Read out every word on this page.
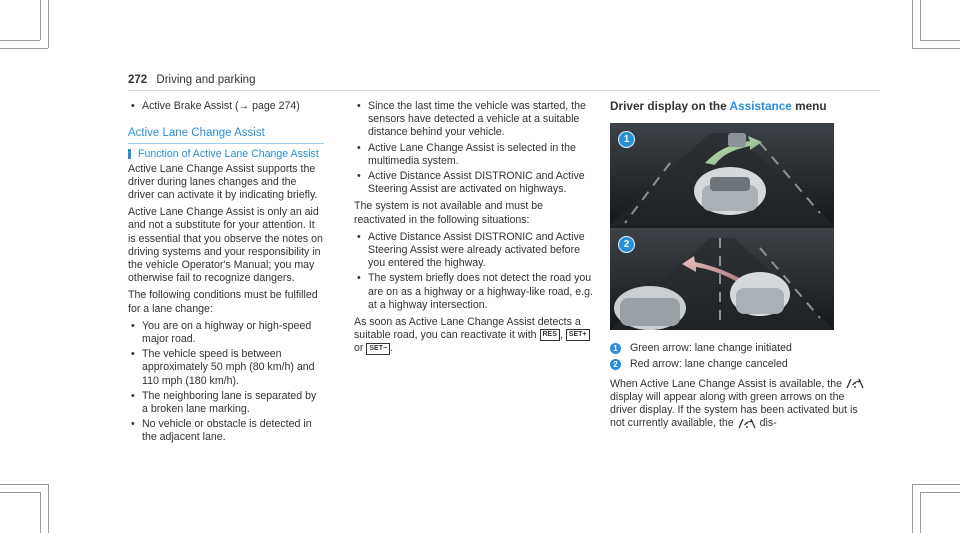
272 Driving and parking
• Active Brake Assist (→ page 274)
Active Lane Change Assist
Function of Active Lane Change Assist

Active Lane Change Assist supports the driver during lanes changes and the driver can activate it by indicating briefly.

Active Lane Change Assist is only an aid and not a substitute for your attention. It is essential that you observe the notes on driving systems and your responsibility in the vehicle Operator's Manual; you may otherwise fail to recognize dangers.

The following conditions must be fulfilled for a lane change:

• You are on a highway or high-speed major road.
• The vehicle speed is between approximately 50 mph (80 km/h) and 110 mph (180 km/h).
• The neighboring lane is separated by a broken lane marking.
• No vehicle or obstacle is detected in the adjacent lane.
• Since the last time the vehicle was started, the sensors have detected a vehicle at a suitable distance behind your vehicle.
• Active Lane Change Assist is selected in the multimedia system.
• Active Distance Assist DISTRONIC and Active Steering Assist are activated on highways.

The system is not available and must be reactivated in the following situations:

• Active Distance Assist DISTRONIC and Active Steering Assist were already activated before you entered the highway.
• The system briefly does not detect the road you are on as a highway or a highway-like road, e.g. at a highway intersection.

As soon as Active Lane Change Assist detects a suitable road, you can reactivate it with RES , SET+ or SET− .

Driver display on the Assistance menu
1
2
1 Green arrow: lane change initiated
2 Red arrow: lane change canceled

When Active Lane Change Assist is available, the  display will appear along with green arrows on the driver display. If the system has been activated but is not currently available, the dis-
